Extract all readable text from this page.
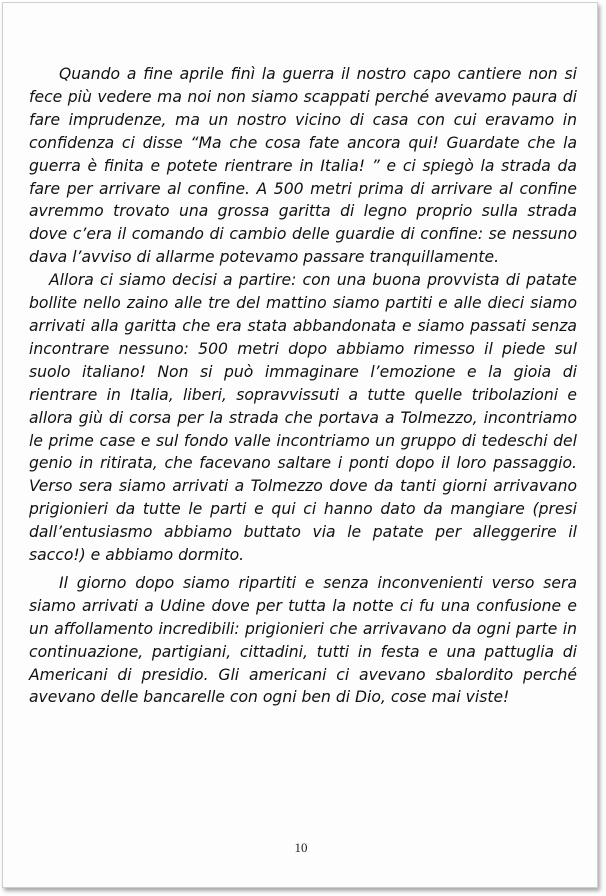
Quando a fine aprile finì la guerra il nostro capo cantiere non si fece più vedere ma noi non siamo scappati perché avevamo paura di fare imprudenze, ma un nostro vicino di casa con cui eravamo in confidenza ci disse “Ma che cosa fate ancora qui! Guardate che la guerra è finita e potete rientrare in Italia! ” e ci spiegò la strada da fare per arrivare al confine. A 500 metri prima di arrivare al confine avremmo trovato una grossa garitta di legno proprio sulla strada dove c’era il comando di cambio delle guardie di confine: se nessuno dava l’avviso di allarme potevamo passare tranquillamente.

Allora ci siamo decisi a partire: con una buona provvista di patate bollite nello zaino alle tre del mattino siamo partiti e alle dieci siamo arrivati alla garitta che era stata abbandonata e siamo passati senza incontrare nessuno: 500 metri dopo abbiamo rimesso il piede sul suolo italiano! Non si può immaginare l’emozione e la gioia di rientrare in Italia, liberi, sopravvissuti a tutte quelle tribolazioni e allora giù di corsa per la strada che portava a Tolmezzo, incontriamo le prime case e sul fondo valle incontriamo un gruppo di tedeschi del genio in ritirata, che facevano saltare i ponti dopo il loro passaggio. Verso sera siamo arrivati a Tolmezzo dove da tanti giorni arrivavano prigionieri da tutte le parti e qui ci hanno dato da mangiare (presi dall’entusiasmo abbiamo buttato via le patate per alleggerire il sacco!) e abbiamo dormito.

Il giorno dopo siamo ripartiti e senza inconvenienti verso sera siamo arrivati a Udine dove per tutta la notte ci fu una confusione e un affollamento incredibili: prigionieri che arrivavano da ogni parte in continuazione, partigiani, cittadini, tutti in festa e una pattuglia di Americani di presidio. Gli americani ci avevano sbalordito perché avevano delle bancarelle con ogni ben di Dio, cose mai viste!

10
